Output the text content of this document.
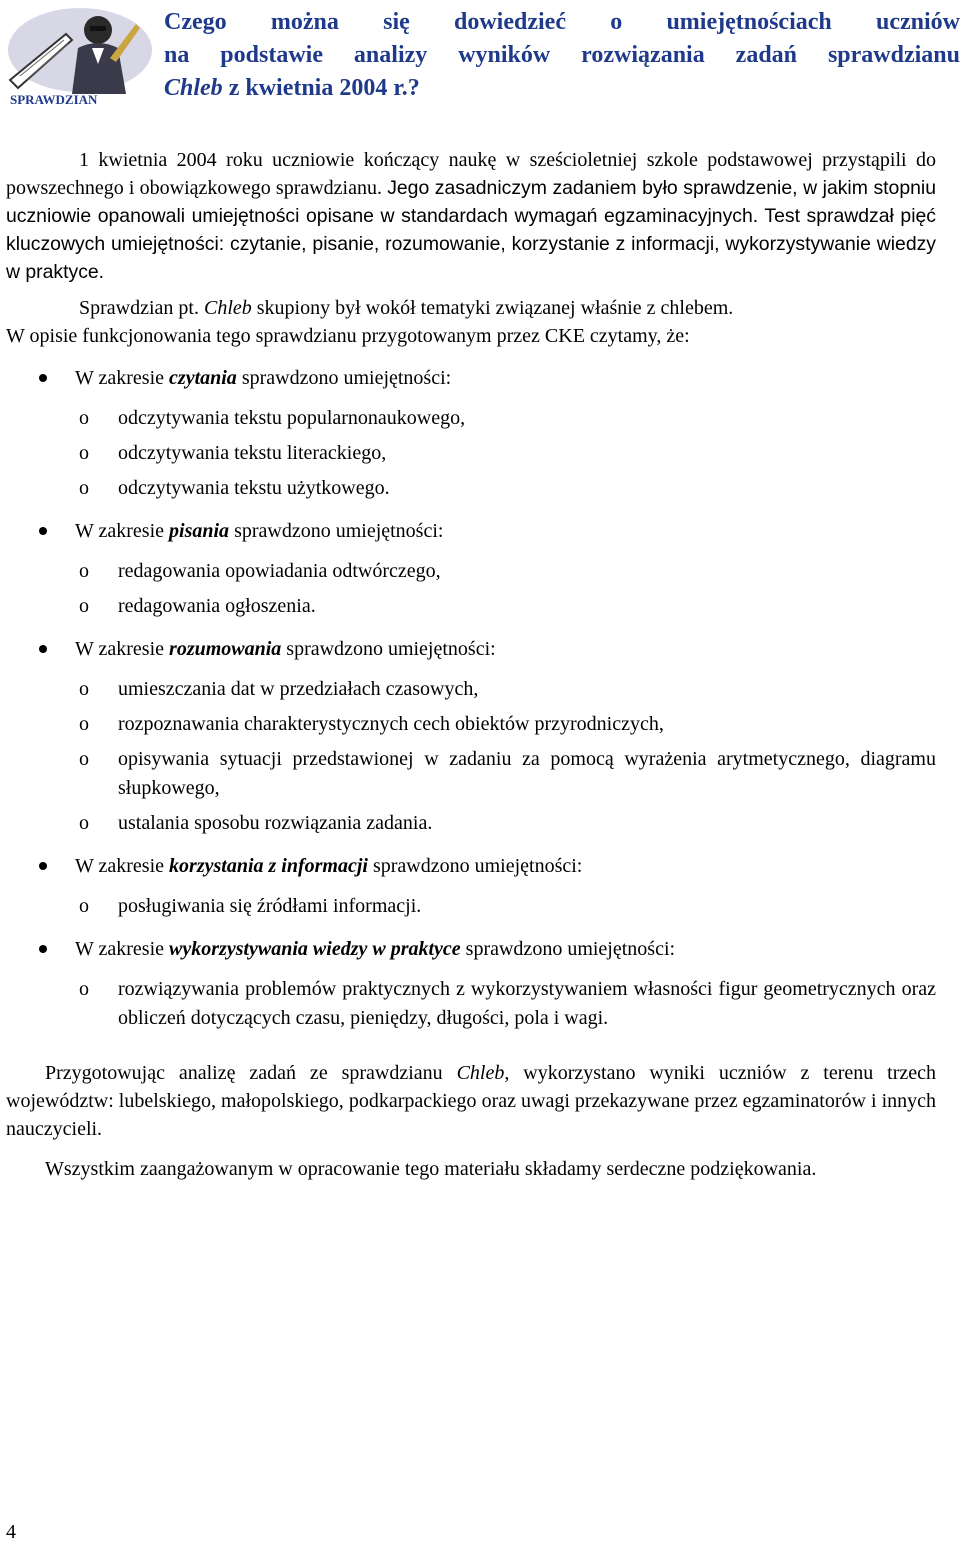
SPRAWDZIAN
Czego można się dowiedzieć o umiejętnościach uczniów
na podstawie analizy wyników rozwiązania zadań sprawdzianu
Chleb z kwietnia 2004 r.?

1 kwietnia 2004 roku uczniowie kończący naukę w sześcioletniej szkole podstawowej przystąpili do powszechnego i obowiązkowego sprawdzianu. Jego zasadniczym zadaniem było sprawdzenie, w jakim stopniu uczniowie opanowali umiejętności opisane w standardach wymagań egzaminacyjnych. Test sprawdzał pięć kluczowych umiejętności: czytanie, pisanie, rozumowanie, korzystanie z informacji, wykorzystywanie wiedzy w praktyce.

Sprawdzian pt. Chleb skupiony był wokół tematyki związanej właśnie z chlebem.

W opisie funkcjonowania tego sprawdzianu przygotowanym przez CKE czytamy, że:

W zakresie czytania sprawdzono umiejętności:
o odczytywania tekstu popularnonaukowego,
o odczytywania tekstu literackiego,
o odczytywania tekstu użytkowego.
W zakresie pisania sprawdzono umiejętności:
o redagowania opowiadania odtwórczego,
o redagowania ogłoszenia.
W zakresie rozumowania sprawdzono umiejętności:
o umieszczania dat w przedziałach czasowych,
o rozpoznawania charakterystycznych cech obiektów przyrodniczych,
o opisywania sytuacji przedstawionej w zadaniu za pomocą wyrażenia arytmetycznego, diagramu słupkowego,
o ustalania sposobu rozwiązania zadania.
W zakresie korzystania z informacji sprawdzono umiejętności:
o posługiwania się źródłami informacji.
W zakresie wykorzystywania wiedzy w praktyce sprawdzono umiejętności:
o rozwiązywania problemów praktycznych z wykorzystywaniem własności figur geometrycznych oraz obliczeń dotyczących czasu, pieniędzy, długości, pola i wagi.

Przygotowując analizę zadań ze sprawdzianu Chleb, wykorzystano wyniki uczniów z terenu trzech województw: lubelskiego, małopolskiego, podkarpackiego oraz uwagi przekazywane przez egzaminatorów i innych nauczycieli.

Wszystkim zaangażowanym w opracowanie tego materiału składamy serdeczne podziękowania.

4
